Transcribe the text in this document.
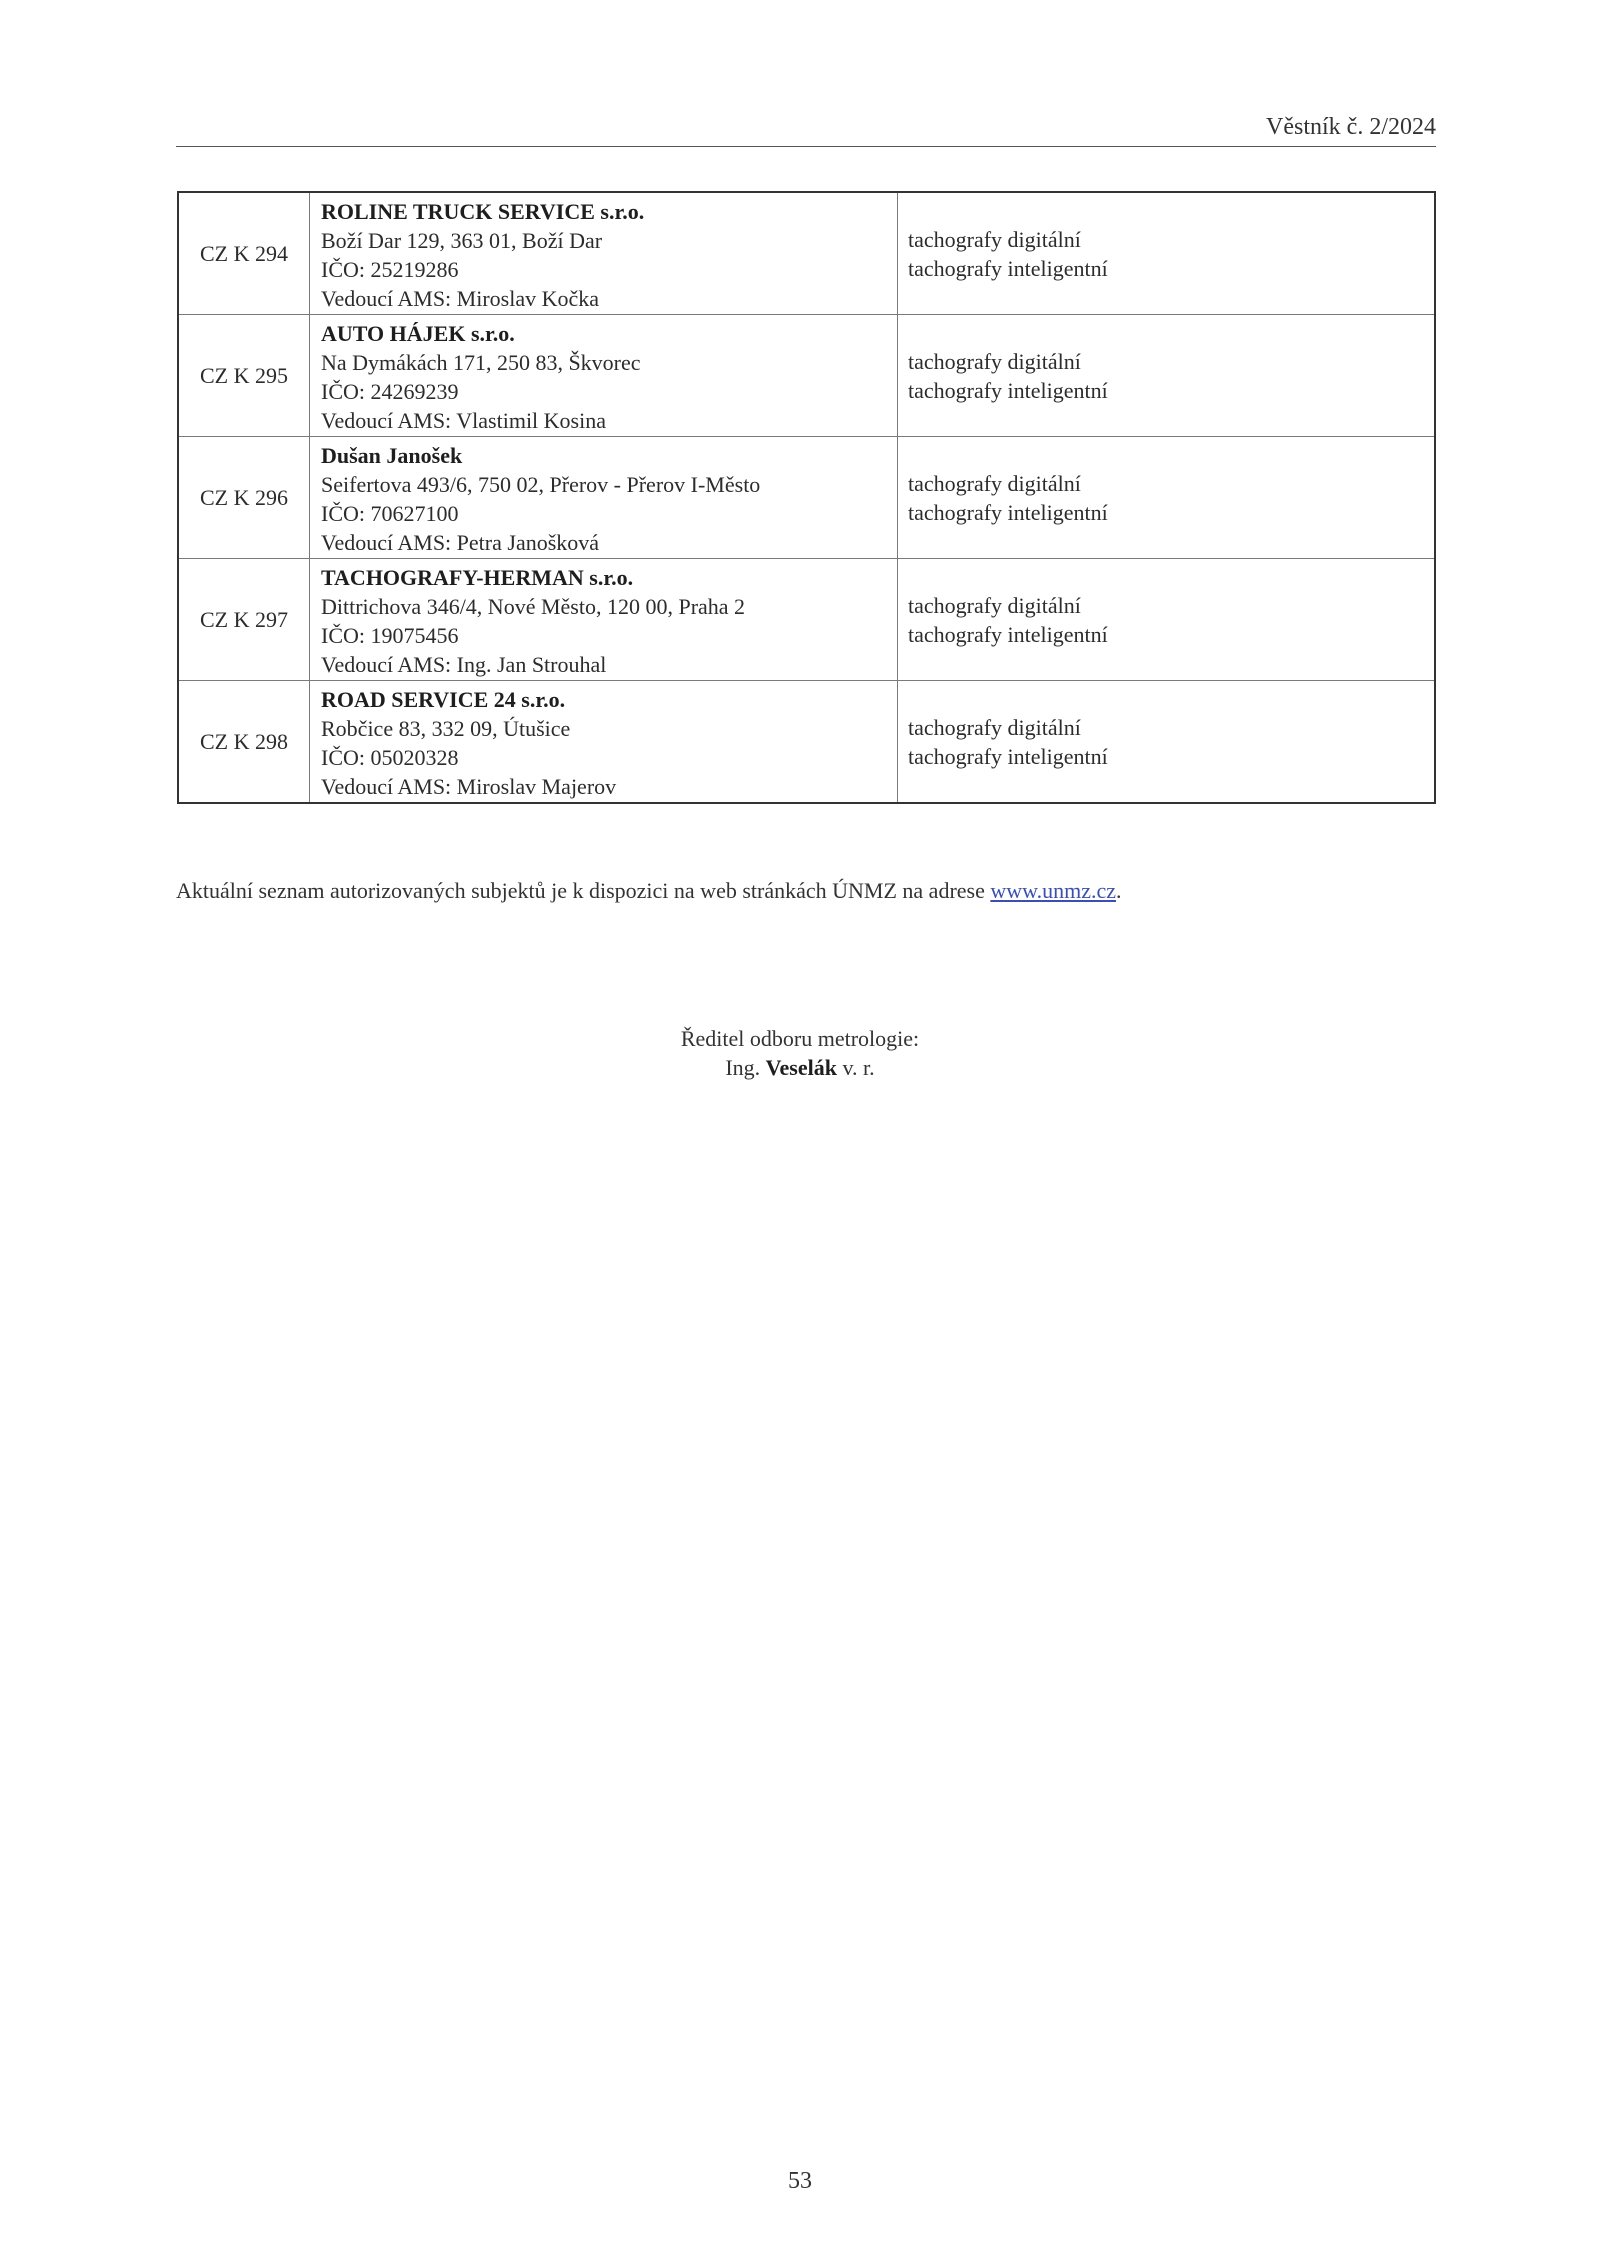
Věstník č. 2/2024
CZ K 294	ROLINE TRUCK SERVICE s.r.o.
Boží Dar 129, 363 01, Boží Dar
IČO: 25219286
Vedoucí AMS: Miroslav Kočka	tachografy digitální
tachografy inteligentní

CZ K 295	AUTO HÁJEK s.r.o.
Na Dymákách 171, 250 83, Škvorec
IČO: 24269239
Vedoucí AMS: Vlastimil Kosina	tachografy digitální
tachografy inteligentní

CZ K 296	Dušan Janošek
Seifertova 493/6, 750 02, Přerov - Přerov I-Město
IČO: 70627100
Vedoucí AMS: Petra Janošková	tachografy digitální
tachografy inteligentní

CZ K 297	TACHOGRAFY-HERMAN s.r.o.
Dittrichova 346/4, Nové Město, 120 00, Praha 2
IČO: 19075456
Vedoucí AMS: Ing. Jan Strouhal	tachografy digitální
tachografy inteligentní

CZ K 298	ROAD SERVICE 24 s.r.o.
Robčice 83, 332 09, Útušice
IČO: 05020328
Vedoucí AMS: Miroslav Majerov	tachografy digitální
tachografy inteligentní
Aktuální seznam autorizovaných subjektů je k dispozici na web stránkách ÚNMZ na adrese www.unmz.cz.
Ředitel odboru metrologie:
Ing. Veselák v. r.
53
